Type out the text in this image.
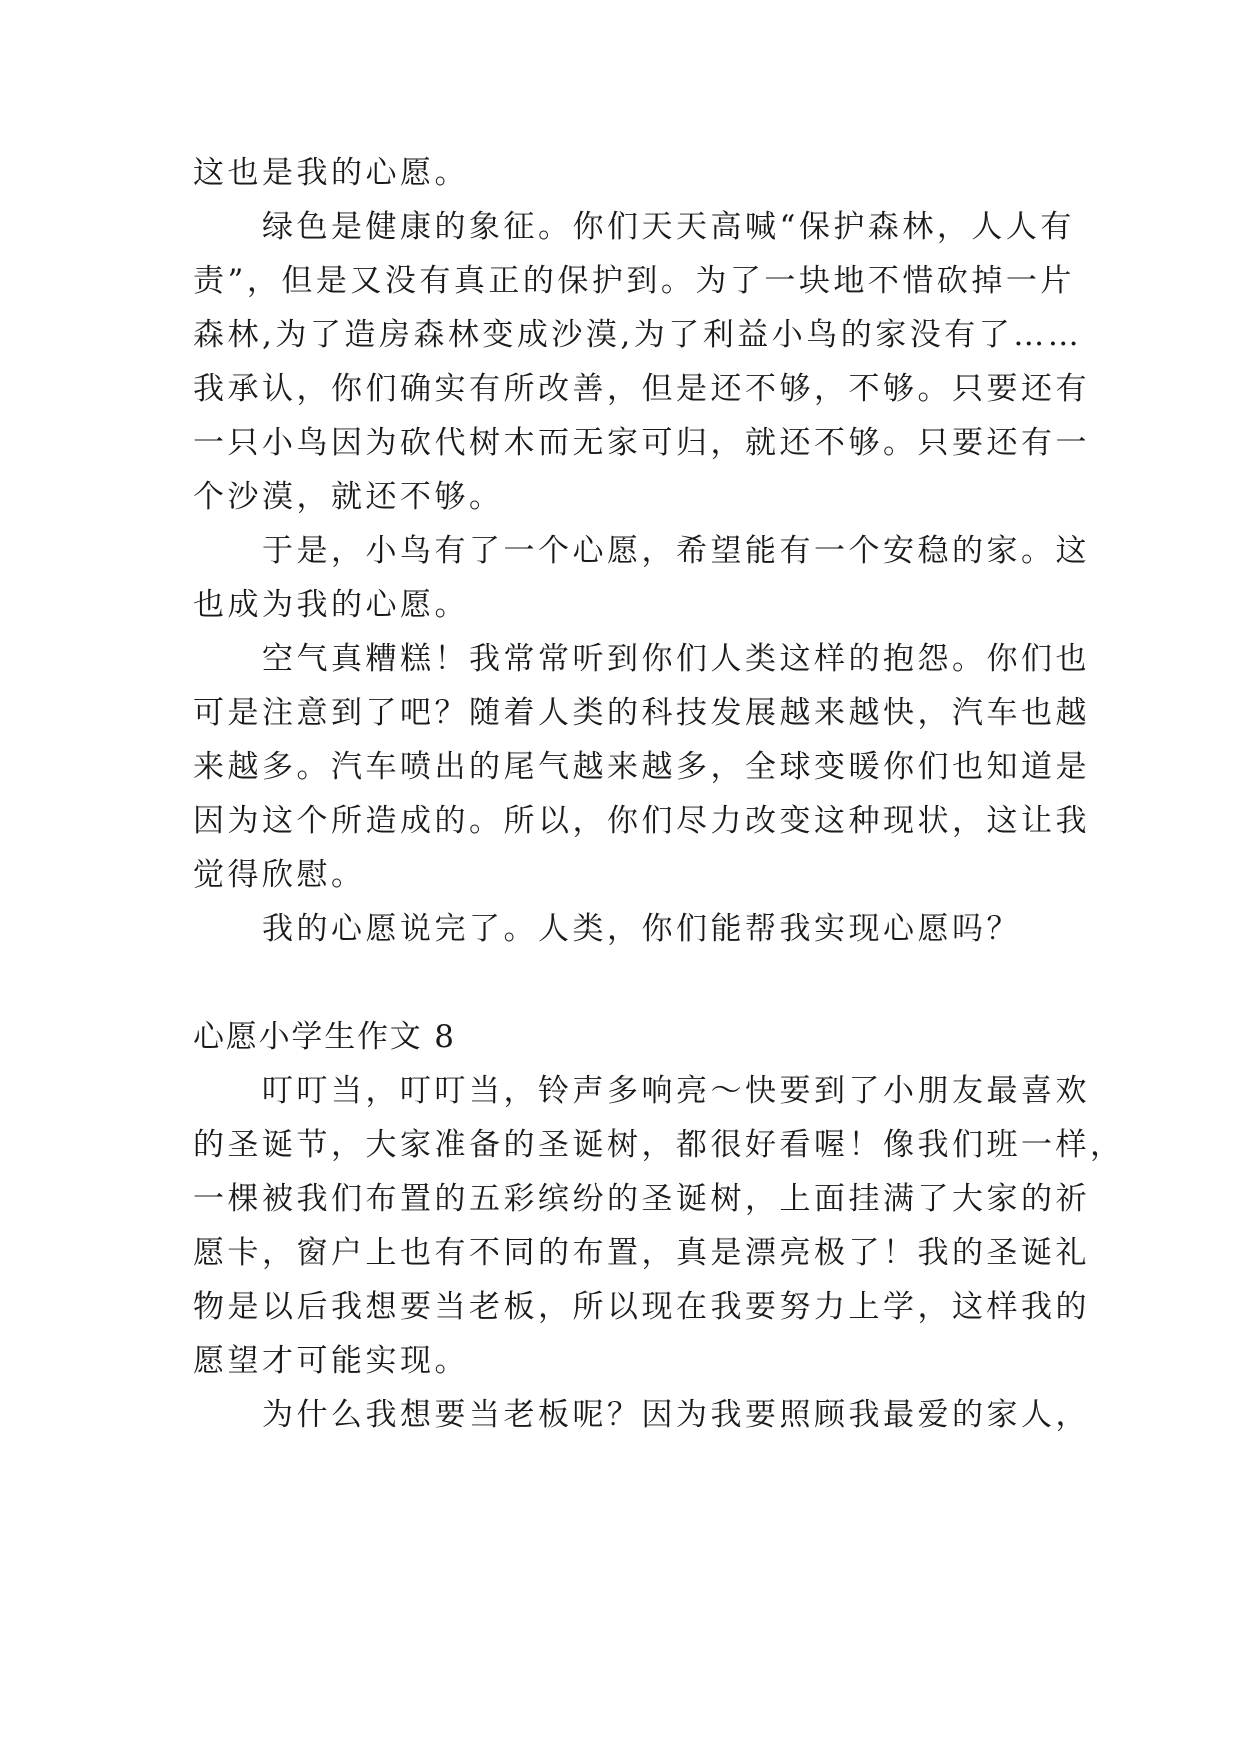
这也是我的心愿。
　　绿色是健康的象征。你们天天高喊“保护森林，人人有
责”，但是又没有真正的保护到。为了一块地不惜砍掉一片
森林,为了造房森林变成沙漠,为了利益小鸟的家没有了……
我承认，你们确实有所改善，但是还不够，不够。只要还有
一只小鸟因为砍代树木而无家可归，就还不够。只要还有一
个沙漠，就还不够。
　　于是，小鸟有了一个心愿，希望能有一个安稳的家。这
也成为我的心愿。
　　空气真糟糕！我常常听到你们人类这样的抱怨。你们也
可是注意到了吧？随着人类的科技发展越来越快，汽车也越
来越多。汽车喷出的尾气越来越多，全球变暖你们也知道是
因为这个所造成的。所以，你们尽力改变这种现状，这让我
觉得欣慰。
　　我的心愿说完了。人类，你们能帮我实现心愿吗？
心愿小学生作文 8
　　叮叮当，叮叮当，铃声多响亮～快要到了小朋友最喜欢
的圣诞节，大家准备的圣诞树，都很好看喔！像我们班一样，
一棵被我们布置的五彩缤纷的圣诞树，上面挂满了大家的祈
愿卡，窗户上也有不同的布置，真是漂亮极了！我的圣诞礼
物是以后我想要当老板，所以现在我要努力上学，这样我的
愿望才可能实现。
　　为什么我想要当老板呢？因为我要照顾我最爱的家人，
